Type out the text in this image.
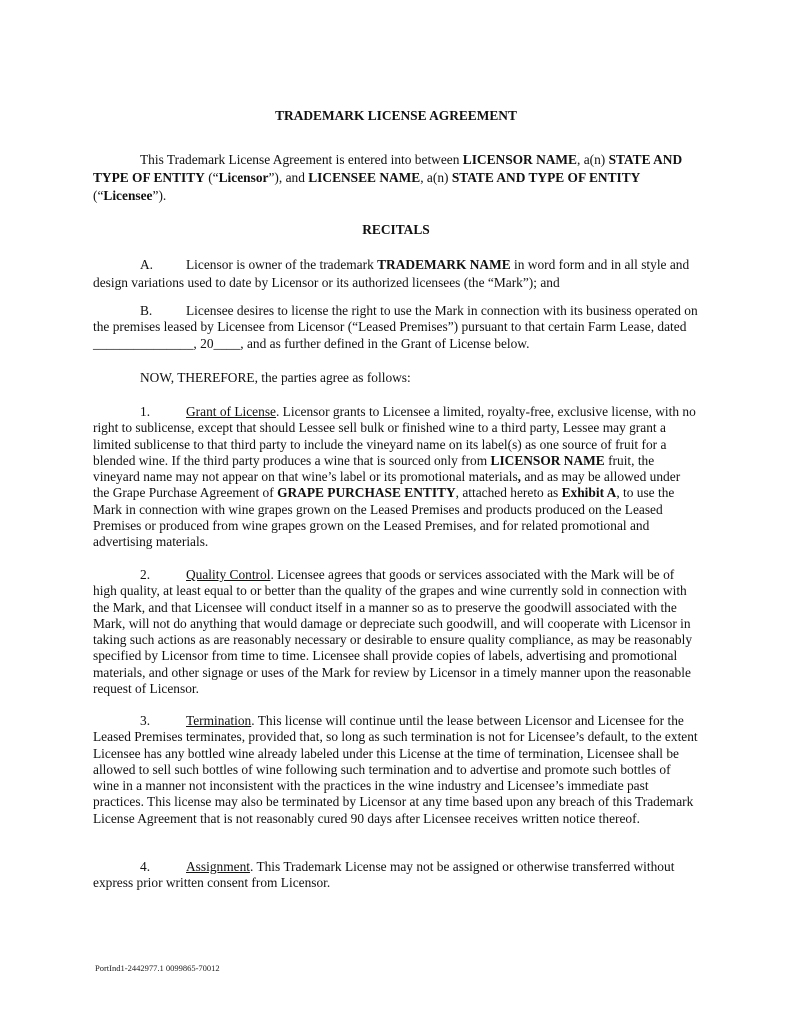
TRADEMARK LICENSE AGREEMENT

This Trademark License Agreement is entered into between LICENSOR NAME, a(n) STATE AND TYPE OF ENTITY (“Licensor”), and LICENSEE NAME, a(n) STATE AND TYPE OF ENTITY (“Licensee”).

RECITALS

A. Licensor is owner of the trademark TRADEMARK NAME in word form and in all style and design variations used to date by Licensor or its authorized licensees (the “Mark”); and

B.	Licensee desires to license the right to use the Mark in connection with its business operated on the premises leased by Licensee from Licensor (“Leased Premises”) pursuant to that certain Farm Lease, dated _______________, 20____, and as further defined in the Grant of License below.

NOW, THEREFORE, the parties agree as follows:

1.	Grant of License. Licensor grants to Licensee a limited, royalty-free, exclusive license, with no right to sublicense, except that should Lessee sell bulk or finished wine to a third party, Lessee may grant a limited sublicense to that third party to include the vineyard name on its label(s) as one source of fruit for a blended wine. If the third party produces a wine that is sourced only from LICENSOR NAME fruit, the vineyard name may not appear on that wine’s label or its promotional materials, and as may be allowed under the Grape Purchase Agreement of GRAPE PURCHASE ENTITY, attached hereto as Exhibit A, to use the Mark in connection with wine grapes grown on the Leased Premises and products produced on the Leased Premises or produced from wine grapes grown on the Leased Premises, and for related promotional and advertising materials.

2.	Quality Control. Licensee agrees that goods or services associated with the Mark will be of high quality, at least equal to or better than the quality of the grapes and wine currently sold in connection with the Mark, and that Licensee will conduct itself in a manner so as to preserve the goodwill associated with the Mark, will not do anything that would damage or depreciate such goodwill, and will cooperate with Licensor in taking such actions as are reasonably necessary or desirable to ensure quality compliance, as may be reasonably specified by Licensor from time to time. Licensee shall provide copies of labels, advertising and promotional materials, and other signage or uses of the Mark for review by Licensor in a timely manner upon the reasonable request of Licensor.

3.	Termination. This license will continue until the lease between Licensor and Licensee for the Leased Premises terminates, provided that, so long as such termination is not for Licensee’s default, to the extent Licensee has any bottled wine already labeled under this License at the time of termination, Licensee shall be allowed to sell such bottles of wine following such termination and to advertise and promote such bottles of wine in a manner not inconsistent with the practices in the wine industry and Licensee’s immediate past practices. This license may also be terminated by Licensor at any time based upon any breach of this Trademark License Agreement that is not reasonably cured 90 days after Licensee receives written notice thereof.

4.	Assignment. This Trademark License may not be assigned or otherwise transferred without express prior written consent from Licensor.

PortInd1-2442977.1 0099865-70012
